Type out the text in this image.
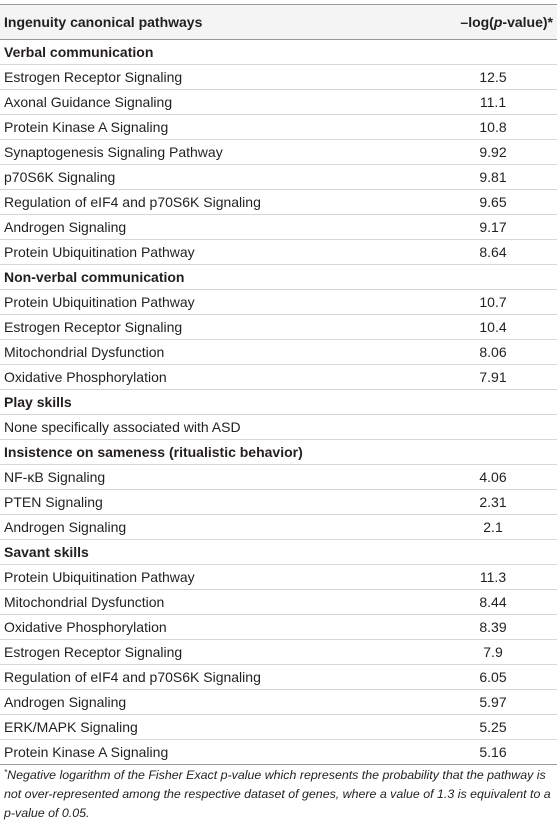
Ingenuity canonical pathways	–log(p-value)*
Verbal communication	
Estrogen Receptor Signaling	12.5
Axonal Guidance Signaling	11.1
Protein Kinase A Signaling	10.8
Synaptogenesis Signaling Pathway	9.92
p70S6K Signaling	9.81
Regulation of eIF4 and p70S6K Signaling	9.65
Androgen Signaling	9.17
Protein Ubiquitination Pathway	8.64
Non-verbal communication	
Protein Ubiquitination Pathway	10.7
Estrogen Receptor Signaling	10.4
Mitochondrial Dysfunction	8.06
Oxidative Phosphorylation	7.91
Play skills	
None specifically associated with ASD	
Insistence on sameness (ritualistic behavior)	
NF-κB Signaling	4.06
PTEN Signaling	2.31
Androgen Signaling	2.1
Savant skills	
Protein Ubiquitination Pathway	11.3
Mitochondrial Dysfunction	8.44
Oxidative Phosphorylation	8.39
Estrogen Receptor Signaling	7.9
Regulation of eIF4 and p70S6K Signaling	6.05
Androgen Signaling	5.97
ERK/MAPK Signaling	5.25
Protein Kinase A Signaling	5.16
*Negative logarithm of the Fisher Exact p-value which represents the probability that the pathway is not over-represented among the respective dataset of genes, where a value of 1.3 is equivalent to a p-value of 0.05.
